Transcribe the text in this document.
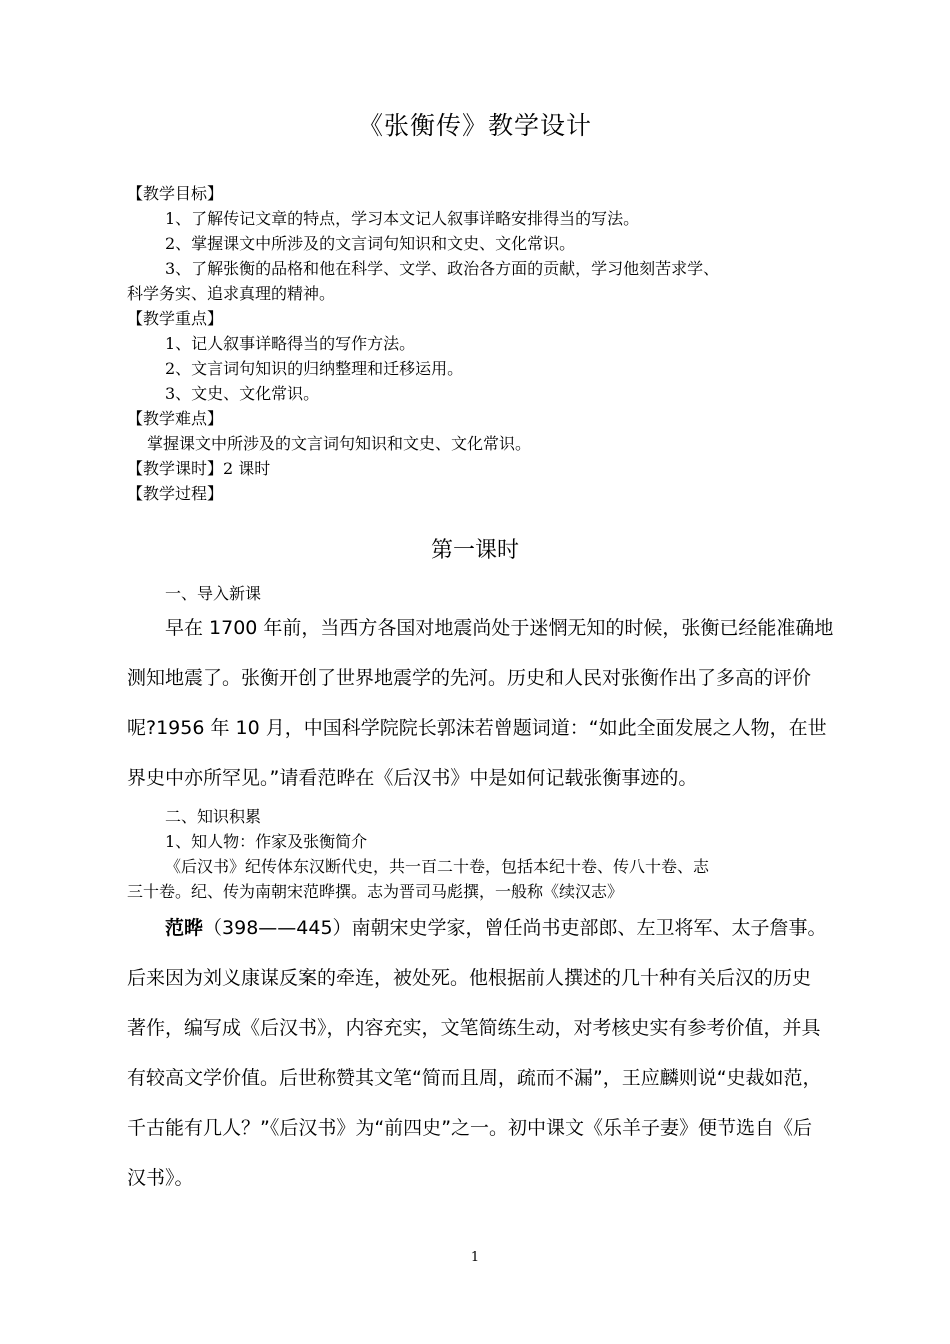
《张衡传》教学设计
【教学目标】
1、了解传记文章的特点，学习本文记人叙事详略安排得当的写法。
2、掌握课文中所涉及的文言词句知识和文史、文化常识。
3、了解张衡的品格和他在科学、文学、政治各方面的贡献，学习他刻苦求学、
科学务实、追求真理的精神。
【教学重点】
1、记人叙事详略得当的写作方法。
2、文言词句知识的归纳整理和迁移运用。
3、文史、文化常识。
【教学难点】
掌握课文中所涉及的文言词句知识和文史、文化常识。
【教学课时】2 课时
【教学过程】
第一课时
一、导入新课
早在 1700 年前，当西方各国对地震尚处于迷惘无知的时候，张衡已经能准确地
测知地震了。张衡开创了世界地震学的先河。历史和人民对张衡作出了多高的评价
呢?1956 年 10 月，中国科学院院长郭沫若曾题词道：“如此全面发展之人物，在世
界史中亦所罕见。”请看范晔在《后汉书》中是如何记载张衡事迹的。
二、知识积累
1、知人物：作家及张衡简介
《后汉书》纪传体东汉断代史，共一百二十卷，包括本纪十卷、传八十卷、志
三十卷。纪、传为南朝宋范晔撰。志为晋司马彪撰，一般称《续汉志》
范晔（398——445）南朝宋史学家，曾任尚书吏部郎、左卫将军、太子詹事。
后来因为刘义康谋反案的牵连，被处死。他根据前人撰述的几十种有关后汉的历史
著作，编写成《后汉书》，内容充实，文笔简练生动，对考核史实有参考价值，并具
有较高文学价值。后世称赞其文笔“简而且周，疏而不漏”，王应麟则说“史裁如范，
千古能有几人？”《后汉书》为“前四史”之一。初中课文《乐羊子妻》便节选自《后
汉书》。
1
